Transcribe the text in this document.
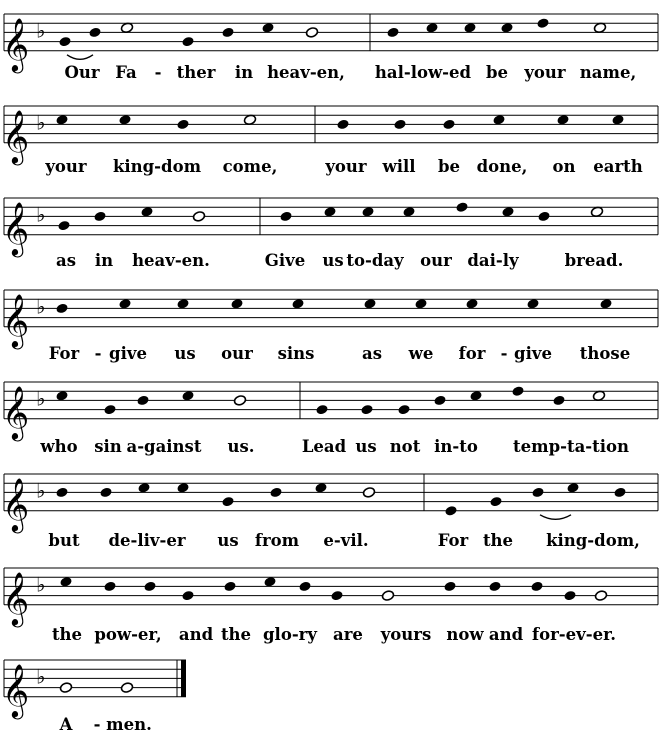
𝄞 ♭
Our Fa - ther in heav-en, hal-low-ed be your name,
𝄞 ♭
your king-dom come,	your will be done, on earth
𝄞 ♭
as in heav-en.	Give us to-day our dai-ly	bread.
𝄞 ♭
For - give us our sins	as we for - give those
𝄞 ♭
who sin a-gainst us.	Lead us not in-to temp-ta-tion
𝄞 ♭
but de-liv-er us from e-vil.	For the king-dom,
𝄞 ♭
the pow-er, and the glo-ry are yours now and for-ev-er.
𝄞 ♭
A - men.
